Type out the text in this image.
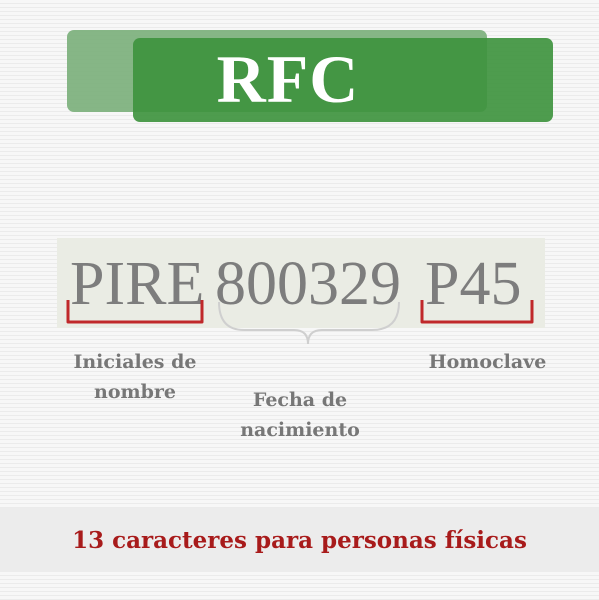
RFC
PIRE 800329 P45
Iniciales de nombre	Fecha de nacimiento
Homoclave
13 caracteres para personas físicas
